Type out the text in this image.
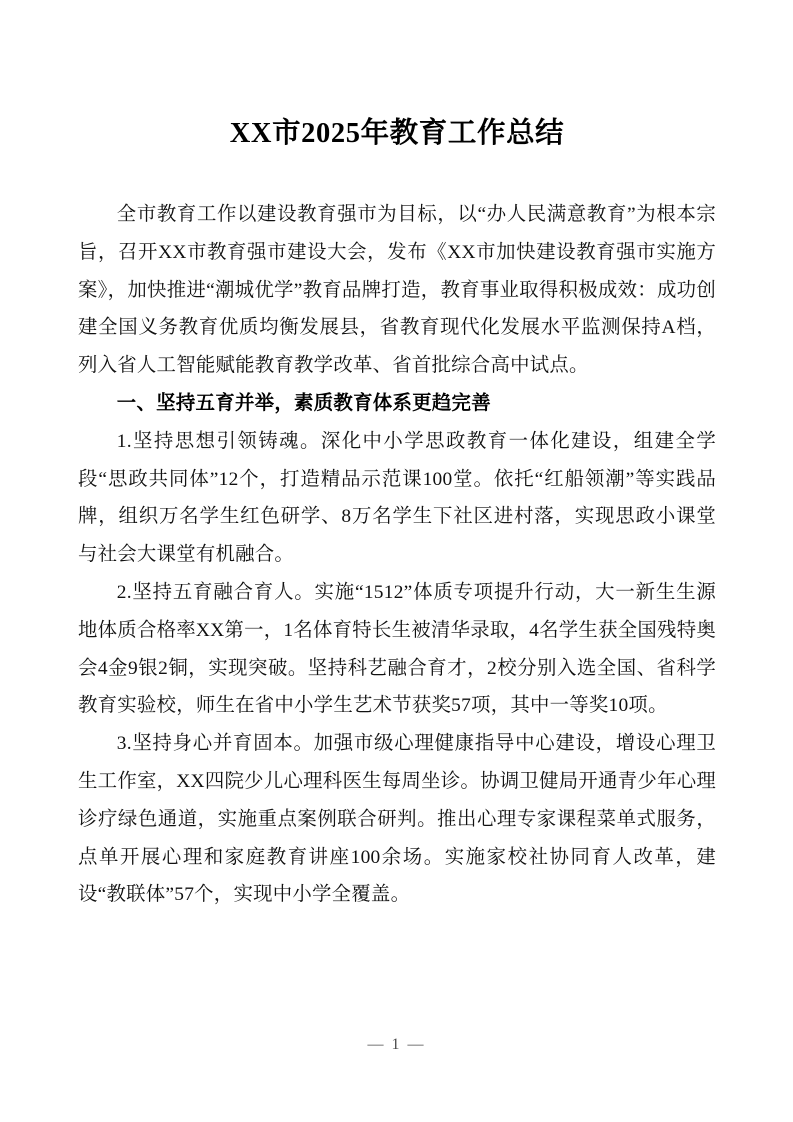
XX市2025年教育工作总结

全市教育工作以建设教育强市为目标，以“办人民满意教育”为根本宗旨，召开XX市教育强市建设大会，发布《XX市加快建设教育强市实施方案》，加快推进“潮城优学”教育品牌打造，教育事业取得积极成效：成功创建全国义务教育优质均衡发展县，省教育现代化发展水平监测保持A档，列入省人工智能赋能教育教学改革、省首批综合高中试点。

一、坚持五育并举，素质教育体系更趋完善

1.坚持思想引领铸魂。深化中小学思政教育一体化建设，组建全学段“思政共同体”12个，打造精品示范课100堂。依托“红船领潮”等实践品牌，组织万名学生红色研学、8万名学生下社区进村落，实现思政小课堂与社会大课堂有机融合。

2.坚持五育融合育人。实施“1512”体质专项提升行动，大一新生生源地体质合格率XX第一，1名体育特长生被清华录取，4名学生获全国残特奥会4金9银2铜，实现突破。坚持科艺融合育才，2校分别入选全国、省科学教育实验校，师生在省中小学生艺术节获奖57项，其中一等奖10项。

3.坚持身心并育固本。加强市级心理健康指导中心建设，增设心理卫生工作室，XX四院少儿心理科医生每周坐诊。协调卫健局开通青少年心理诊疗绿色通道，实施重点案例联合研判。推出心理专家课程菜单式服务，点单开展心理和家庭教育讲座100余场。实施家校社协同育人改革，建设“教联体”57个，实现中小学全覆盖。

— 1 —
